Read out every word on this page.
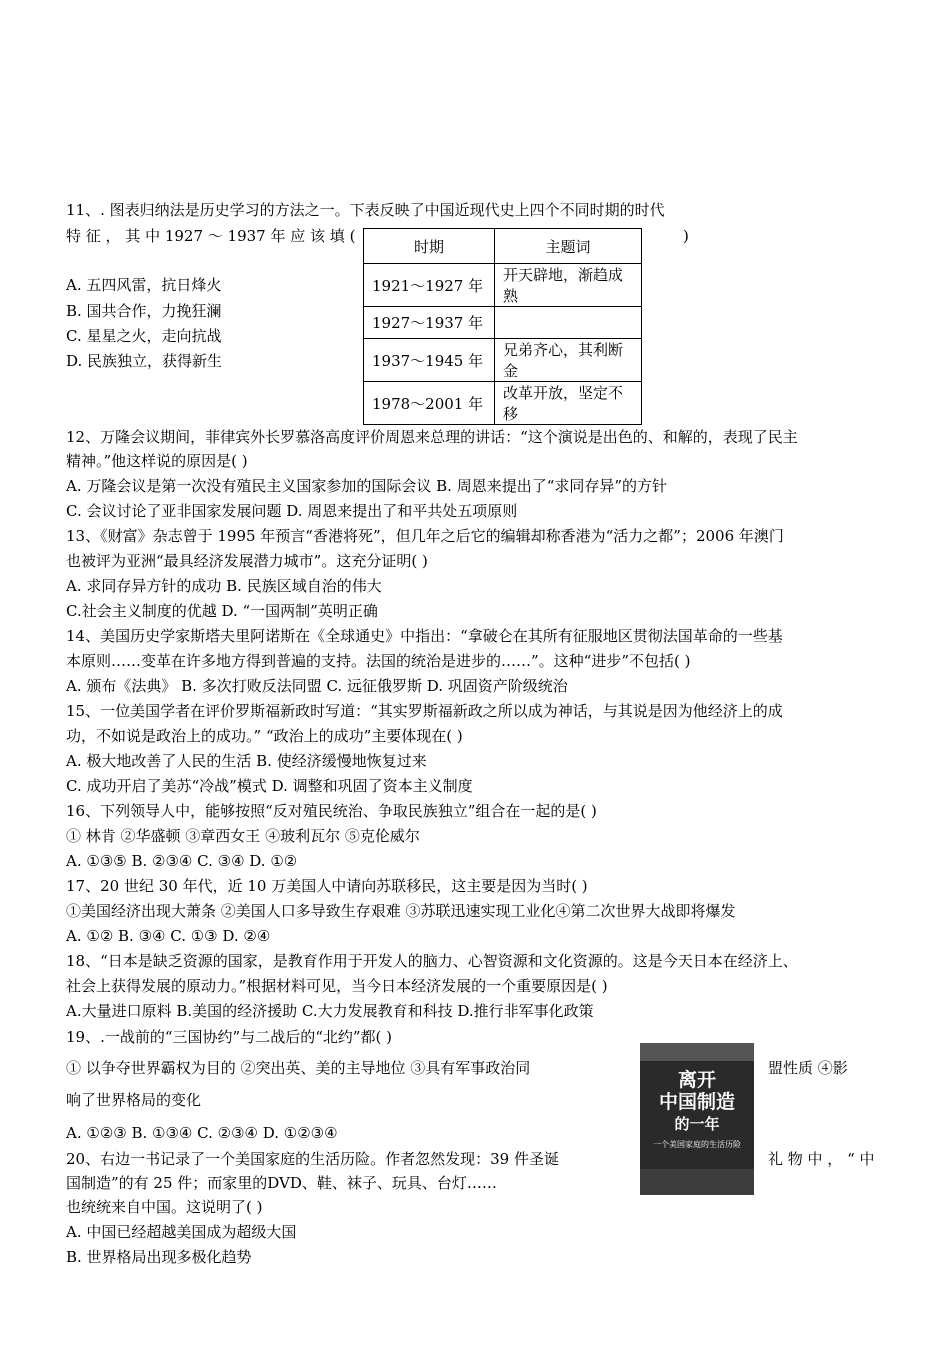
11、. 图表归纳法是历史学习的方法之一。下表反映了中国近现代史上四个不同时期的时代
特 征 ， 其 中 1927 ～ 1937 年 应 该 填 (	)
时期	主题词
1921～1927 年	开天辟地，渐趋成熟
1927～1937 年	
1937～1945 年	兄弟齐心，其利断金
1978～2001 年	改革开放，坚定不移
A. 五四风雷，抗日烽火
B. 国共合作，力挽狂澜
C. 星星之火，走向抗战
D. 民族独立，获得新生
12、万隆会议期间，菲律宾外长罗慕洛高度评价周恩来总理的讲话：“这个演说是出色的、和解的，表现了民主
精神。”他这样说的原因是( )
A. 万隆会议是第一次没有殖民主义国家参加的国际会议 B. 周恩来提出了“求同存异”的方针
C. 会议讨论了亚非国家发展问题 D. 周恩来提出了和平共处五项原则
13、《财富》杂志曾于 1995 年预言“香港将死”，但几年之后它的编辑却称香港为“活力之都”；2006 年澳门
也被评为亚洲“最具经济发展潜力城市”。这充分证明( )
A. 求同存异方针的成功 B. 民族区域自治的伟大
C.社会主义制度的优越 D. “一国两制”英明正确
14、美国历史学家斯塔夫里阿诺斯在《全球通史》中指出：“拿破仑在其所有征服地区贯彻法国革命的一些基
本原则……变革在许多地方得到普遍的支持。法国的统治是进步的……”。这种“进步”不包括( )
A. 颁布《法典》 B. 多次打败反法同盟 C. 远征俄罗斯 D. 巩固资产阶级统治
15、一位美国学者在评价罗斯福新政时写道：“其实罗斯福新政之所以成为神话，与其说是因为他经济上的成
功，不如说是政治上的成功。” “政治上的成功”主要体现在( )
A. 极大地改善了人民的生活 B. 使经济缓慢地恢复过来
C. 成功开启了美苏“冷战”模式 D. 调整和巩固了资本主义制度
16、下列领导人中，能够按照“反对殖民统治、争取民族独立”组合在一起的是( )
① 林肯 ②华盛顿 ③章西女王 ④玻利瓦尔 ⑤克伦威尔
A. ①③⑤ B. ②③④ C. ③④ D. ①②
17、20 世纪 30 年代，近 10 万美国人中请向苏联移民，这主要是因为当时( )
①美国经济出现大萧条 ②美国人口多导致生存艰难 ③苏联迅速实现工业化④第二次世界大战即将爆发
A. ①② B. ③④ C. ①③ D. ②④
18、“日本是缺乏资源的国家，是教育作用于开发人的脑力、心智资源和文化资源的。这是今天日本在经济上、
社会上获得发展的原动力。”根据材料可见，当今日本经济发展的一个重要原因是( )
A.大量进口原料 B.美国的经济援助 C.大力发展教育和科技 D.推行非军事化政策
19、.一战前的“三国协约”与二战后的“北约”都( )
① 以争夺世界霸权为目的 ②突出英、美的主导地位 ③具有军事政治同	盟性质 ④影
响了世界格局的变化
A. ①②③ B. ①③④ C. ②③④ D. ①②③④
20、右边一书记录了一个美国家庭的生活历险。作者忽然发现：39 件圣诞	礼 物 中 ， “ 中
国制造”的有 25 件；而家里的DVD、鞋、袜子、玩具、台灯……
也统统来自中国。这说明了( )
A. 中国已经超越美国成为超级大国
B. 世界格局出现多极化趋势
离开
中国制造
的一年
一个美国家庭的生活历险
